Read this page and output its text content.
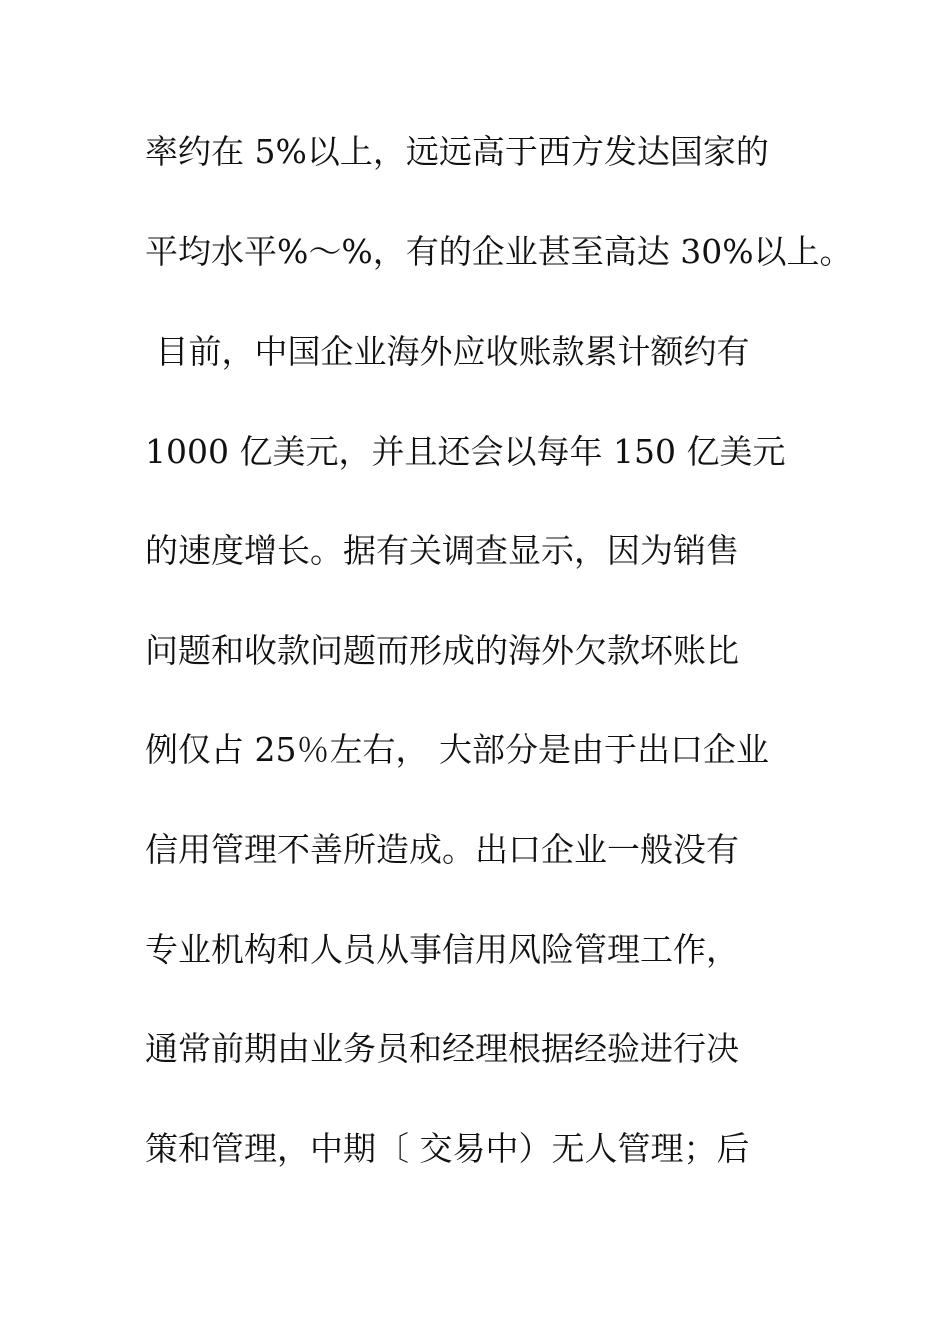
率约在 5%以上，远远高于西方发达国家的
平均水平%～%，有的企业甚至高达 30%以上。
目前，中国企业海外应收账款累计额约有
1000 亿美元，并且还会以每年 150 亿美元
的速度增长。据有关调查显示，因为销售
问题和收款问题而形成的海外欠款坏账比
例仅占 25％左右， 大部分是由于出口企业
信用管理不善所造成。出口企业一般没有
专业机构和人员从事信用风险管理工作，
通常前期由业务员和经理根据经验进行决
策和管理，中期〔 交易中）无人管理；后
